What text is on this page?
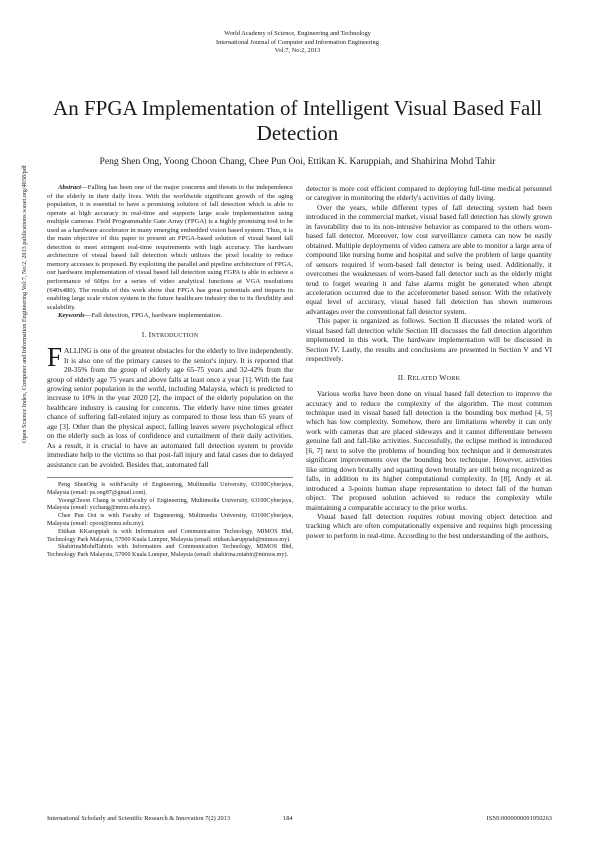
World Academy of Science, Engineering and Technology
International Journal of Computer and Information Engineering
Vol:7, No:2, 2013
An FPGA Implementation of Intelligent Visual Based Fall Detection
Peng Shen Ong, Yoong Choon Chang, Chee Pun Ooi, Ettikan K. Karuppiah, and Shahirina Mohd Tahir
Open Science Index, Computer and Information Engineering Vol:7, No:2, 2013 publications.waset.org/4038/pdf	Abstract—Falling has been one of the major concerns and threats to the independence of the elderly in their daily lives. With the worldwide significant growth of the aging population, it is essential to have a promising solution of fall detection which is able to operate at high accuracy in real-time and supports large scale implementation using multiple cameras. Field Programmable Gate Array (FPGA) is a highly promising tool to be used as a hardware accelerator in many emerging embedded vision based system. Thus, it is the main objective of this paper to present an FPGA-based solution of visual based fall detection to meet stringent real-time requirements with high accuracy. The hardware architecture of visual based fall detection which utilizes the pixel locality to reduce memory accesses is proposed. By exploiting the parallel and pipeline architecture of FPGA, our hardware implementation of visual based fall detection using FGPA is able to achieve a performance of 60fps for a series of video analytical functions at VGA resolutions (640x480). The results of this work show that FPGA has great potentials and impacts in enabling large scale vision system in the future healthcare industry due to its flexibility and scalability.

Keywords—Fall detection, FPGA, hardware implementation.

I. INTRODUCTION

FALLING is one of the greatest obstacles for the elderly to live independently. It is also one of the primary causes to the senior's injury. It is reported that 28-35% from the group of elderly age 65-75 years and 32-42% from the group of elderly age 75 years and above falls at least once a year [1]. With the fast growing senior population in the world, including Malaysia, which is predicted to increase to 10% in the year 2020 [2], the impact of the elderly population on the healthcare industry is causing for concerns. The elderly have nine times greater chance of suffering fall-related injury as compared to those less than 65 years of age [3]. Other than the physical aspect, falling leaves severe psychological effect on the elderly such as loss of confidence and curtailment of their daily activities. As a result, it is crucial to have an automated fall detection system to provide immediate help to the victims so that post-fall injury and fatal cases due to delayed assistance can be avoided. Besides that, automated fall

Peng ShenOng is withFaculty of Engineering, Multimedia University, 63100Cyberjaya, Malaysia (email: ps.ong87@gmail.com).

YoongChoon Chang is withFaculty of Engineering, Multimedia University, 63100Cyberjaya, Malaysia (email: ycchang@mmu.edu.my).

Chee Pun Ooi is with Faculty of Engineering, Multimedia University, 63100Cyberjaya, Malaysia (email: cpooi@mmu.edu.my).

Ettikan KKaruppiah is with Information and Communication Technology, MIMOS Bhd, Technology Park Malaysia, 57000 Kuala Lumpur, Malaysia (email: ettikan.karuppiah@mimos.my).

ShahirinaMohdTahiris with Information and Communication Technology, MIMOS Bhd, Technology Park Malaysia, 57000 Kuala Lumpur, Malaysia (email: shahirina.mtahir@mimos.my).

detector is more cost efficient compared to deploying full-time medical personnel or caregiver in monitoring the elderly's activities of daily living.

Over the years, while different types of fall detecting system had been introduced in the commercial market, visual based fall detection has slowly grown in favorability due to its non-intrusive behavior as compared to the others worn-based fall detector. Moreover, low cost surveillance camera can now be easily obtained. Multiple deployments of video camera are able to monitor a large area of compound like nursing home and hospital and solve the problem of large quantity of sensors required if worn-based fall detector is being used. Additionally, it overcomes the weaknesses of worn-based fall detector such as the elderly might tend to forget wearing it and false alarms might be generated when abrupt acceleration occurred due to the accelerometer based sensor. With the relatively equal level of accuracy, visual based fall detection has shown numerous advantages over the conventional fall detector system.

This paper is organized as follows. Section II discusses the related work of visual based fall detection while Section III discusses the fall detection algorithm implemented in this work. The hardware implementation will be discussed in Section IV. Lastly, the results and conclusions are presented in Section V and VI respectively.

II. RELATED WORK

Various works have been done on visual based fall detection to improve the accuracy and to reduce the complexity of the algorithm. The most common technique used in visual based fall detection is the bounding box method [4, 5] which has low complexity. Somehow, there are limitations whereby it can only work with cameras that are placed sideways and it cannot differentiate between genuine fall and fall-like activities. Successfully, the eclipse method is introduced [6, 7] next to solve the problems of bounding box technique and it demonstrates significant improvements over the bounding box technique. However, activities like sitting down brutally and squatting down brutally are still being recognized as falls, in addition to its higher computational complexity. In [8], Andy et al. introduced a 3-points human shape representation to detect fall of the human object. The proposed solution achieved to reduce the complexity while maintaining a comparable accuracy to the prior works.

Visual based fall detection requires robust moving object detection and tracking which are often computationally expensive and requires high processing power to perform in real-time. According to the best understanding of the authors,

International Scholarly and Scientific Research & Innovation 7(2) 2013	184	ISNI:0000000091950263
